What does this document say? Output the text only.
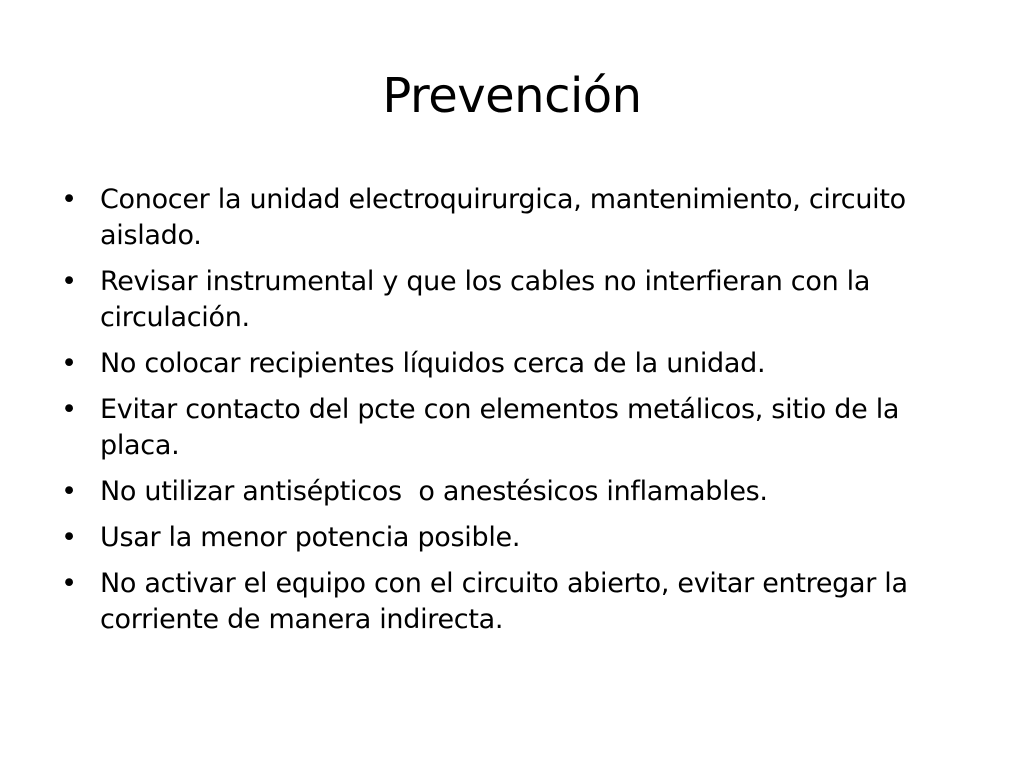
Prevención
• Conocer la unidad electroquirurgica, mantenimiento, circuito aislado.
• Revisar instrumental y que los cables no interfieran con la circulación.
• No colocar recipientes líquidos cerca de la unidad.
• Evitar contacto del pcte con elementos metálicos, sitio de la placa.
• No utilizar antisépticos  o anestésicos inflamables.
• Usar la menor potencia posible.
• No activar el equipo con el circuito abierto, evitar entregar la corriente de manera indirecta.
